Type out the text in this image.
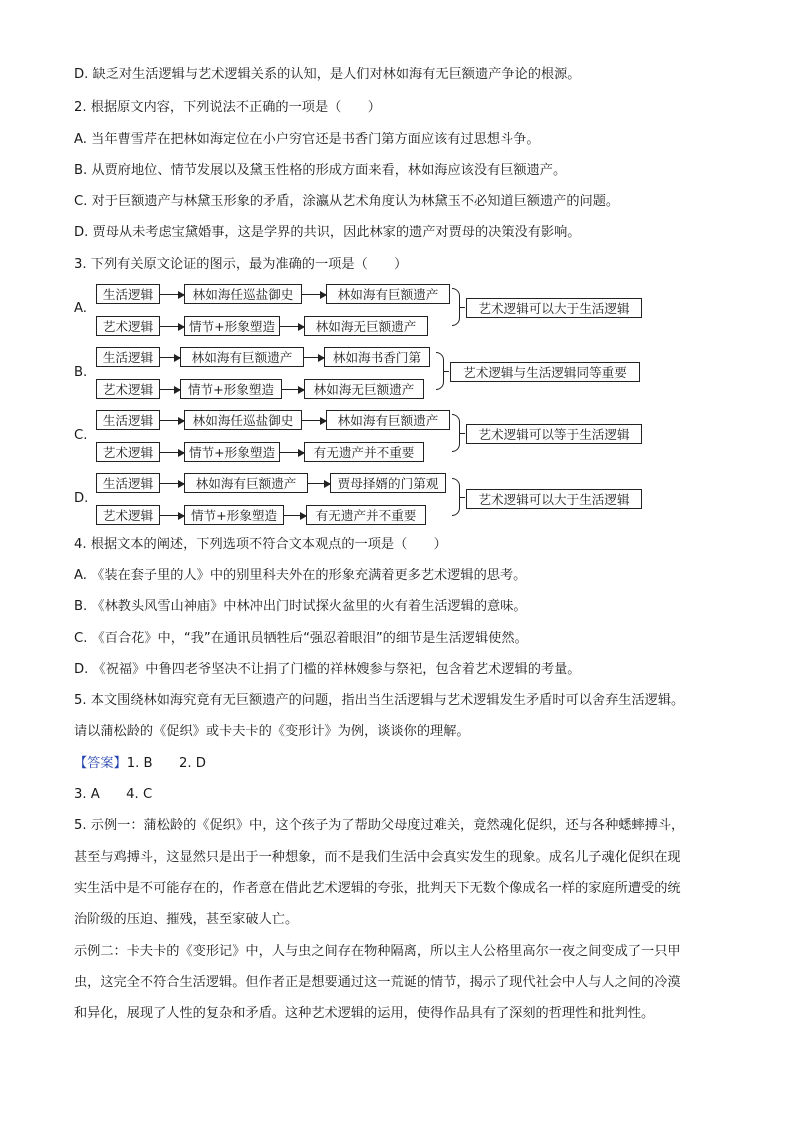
D. 缺乏对生活逻辑与艺术逻辑关系的认知，是人们对林如海有无巨额遗产争论的根源。
2. 根据原文内容，下列说法不正确的一项是（　　）
A. 当年曹雪芹在把林如海定位在小户穷官还是书香门第方面应该有过思想斗争。
B. 从贾府地位、情节发展以及黛玉性格的形成方面来看，林如海应该没有巨额遗产。
C. 对于巨额遗产与林黛玉形象的矛盾，涂瀛从艺术角度认为林黛玉不必知道巨额遗产的问题。
D. 贾母从未考虑宝黛婚事，这是学界的共识，因此林家的遗产对贾母的决策没有影响。
3. 下列有关原文论证的图示，最为准确的一项是（　　）
A.
生活逻辑	林如海任巡盐御史	林如海有巨额遗产
艺术逻辑	情节+形象塑造	林如海无巨额遗产
艺术逻辑可以大于生活逻辑
B.
生活逻辑	林如海有巨额遗产	林如海书香门第
艺术逻辑	情节+形象塑造	林如海无巨额遗产
艺术逻辑与生活逻辑同等重要
C.
生活逻辑	林如海任巡盐御史	林如海有巨额遗产
艺术逻辑	情节+形象塑造	有无遗产并不重要
艺术逻辑可以等于生活逻辑
D.
生活逻辑	林如海有巨额遗产	贾母择婿的门第观
艺术逻辑	情节+形象塑造	有无遗产并不重要
艺术逻辑可以大于生活逻辑
4. 根据文本的阐述，下列选项不符合文本观点的一项是（　　）
A. 《装在套子里的人》中的别里科夫外在的形象充满着更多艺术逻辑的思考。
B. 《林教头风雪山神庙》中林冲出门时试探火盆里的火有着生活逻辑的意味。
C. 《百合花》中，“我”在通讯员牺牲后“强忍着眼泪”的细节是生活逻辑使然。
D. 《祝福》中鲁四老爷坚决不让捐了门槛的祥林嫂参与祭祀，包含着艺术逻辑的考量。
5. 本文围绕林如海究竟有无巨额遗产的问题，指出当生活逻辑与艺术逻辑发生矛盾时可以舍弃生活逻辑。
请以蒲松龄的《促织》或卡夫卡的《变形计》为例，谈谈你的理解。
【答案】1. B　　2. D
3. A　　4. C
5. 示例一：蒲松龄的《促织》中，这个孩子为了帮助父母度过难关，竟然魂化促织，还与各种蟋蟀搏斗，
甚至与鸡搏斗，这显然只是出于一种想象，而不是我们生活中会真实发生的现象。成名儿子魂化促织在现
实生活中是不可能存在的，作者意在借此艺术逻辑的夸张，批判天下无数个像成名一样的家庭所遭受的统
治阶级的压迫、摧残，甚至家破人亡。
示例二：卡夫卡的《变形记》中，人与虫之间存在物种隔离，所以主人公格里高尔一夜之间变成了一只甲
虫，这完全不符合生活逻辑。但作者正是想要通过这一荒诞的情节，揭示了现代社会中人与人之间的冷漠
和异化，展现了人性的复杂和矛盾。这种艺术逻辑的运用，使得作品具有了深刻的哲理性和批判性。
